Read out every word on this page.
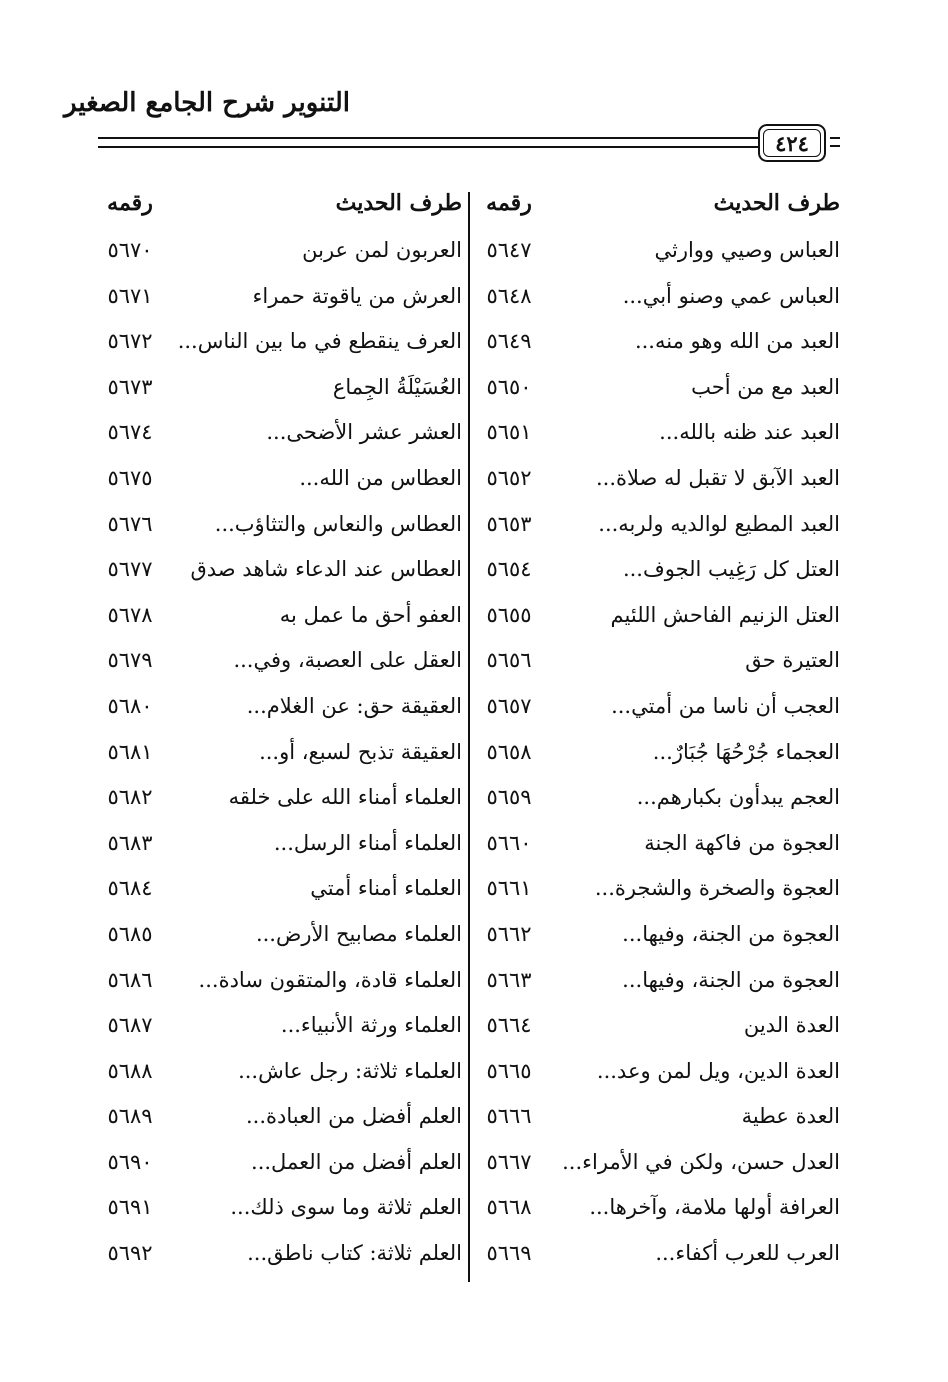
التنوير شرح الجامع الصغير
٤٢٤
طرف الحديث
رقمه
طرف الحديث
رقمه
العباس وصيي ووارثي
٥٦٤٧
العربون لمن عربن
٥٦٧٠
العباس عمي وصنو أبي...
٥٦٤٨
العرش من ياقوتة حمراء
٥٦٧١
العبد من الله وهو منه...
٥٦٤٩
العرف ينقطع في ما بين الناس...
٥٦٧٢
العبد مع من أحب
٥٦٥٠
العُسَيْلَةُ الجِماع
٥٦٧٣
العبد عند ظنه بالله...
٥٦٥١
العشر عشر الأضحى...
٥٦٧٤
العبد الآبق لا تقبل له صلاة...
٥٦٥٢
العطاس من الله...
٥٦٧٥
العبد المطيع لوالديه ولربه...
٥٦٥٣
العطاس والنعاس والتثاؤب...
٥٦٧٦
العتل كل رَغِيب الجوف...
٥٦٥٤
العطاس عند الدعاء شاهد صدق
٥٦٧٧
العتل الزنيم الفاحش اللئيم
٥٦٥٥
العفو أحق ما عمل به
٥٦٧٨
العتيرة حق
٥٦٥٦
العقل على العصبة، وفي...
٥٦٧٩
العجب أن ناسا من أمتي...
٥٦٥٧
العقيقة حق: عن الغلام...
٥٦٨٠
العجماء جُرْحُهَا جُبَارٌ...
٥٦٥٨
العقيقة تذبح لسبع، أو...
٥٦٨١
العجم يبدأون بكبارهم...
٥٦٥٩
العلماء أمناء الله على خلقه
٥٦٨٢
العجوة من فاكهة الجنة
٥٦٦٠
العلماء أمناء الرسل...
٥٦٨٣
العجوة والصخرة والشجرة...
٥٦٦١
العلماء أمناء أمتي
٥٦٨٤
العجوة من الجنة، وفيها...
٥٦٦٢
العلماء مصابيح الأرض...
٥٦٨٥
العجوة من الجنة، وفيها...
٥٦٦٣
العلماء قادة، والمتقون سادة...
٥٦٨٦
العدة الدين
٥٦٦٤
العلماء ورثة الأنبياء...
٥٦٨٧
العدة الدين، ويل لمن وعد...
٥٦٦٥
العلماء ثلاثة: رجل عاش...
٥٦٨٨
العدة عطية
٥٦٦٦
العلم أفضل من العبادة...
٥٦٨٩
العدل حسن، ولكن في الأمراء...
٥٦٦٧
العلم أفضل من العمل...
٥٦٩٠
العرافة أولها ملامة، وآخرها...
٥٦٦٨
العلم ثلاثة وما سوى ذلك...
٥٦٩١
العرب للعرب أكفاء...
٥٦٦٩
العلم ثلاثة: كتاب ناطق...
٥٦٩٢
